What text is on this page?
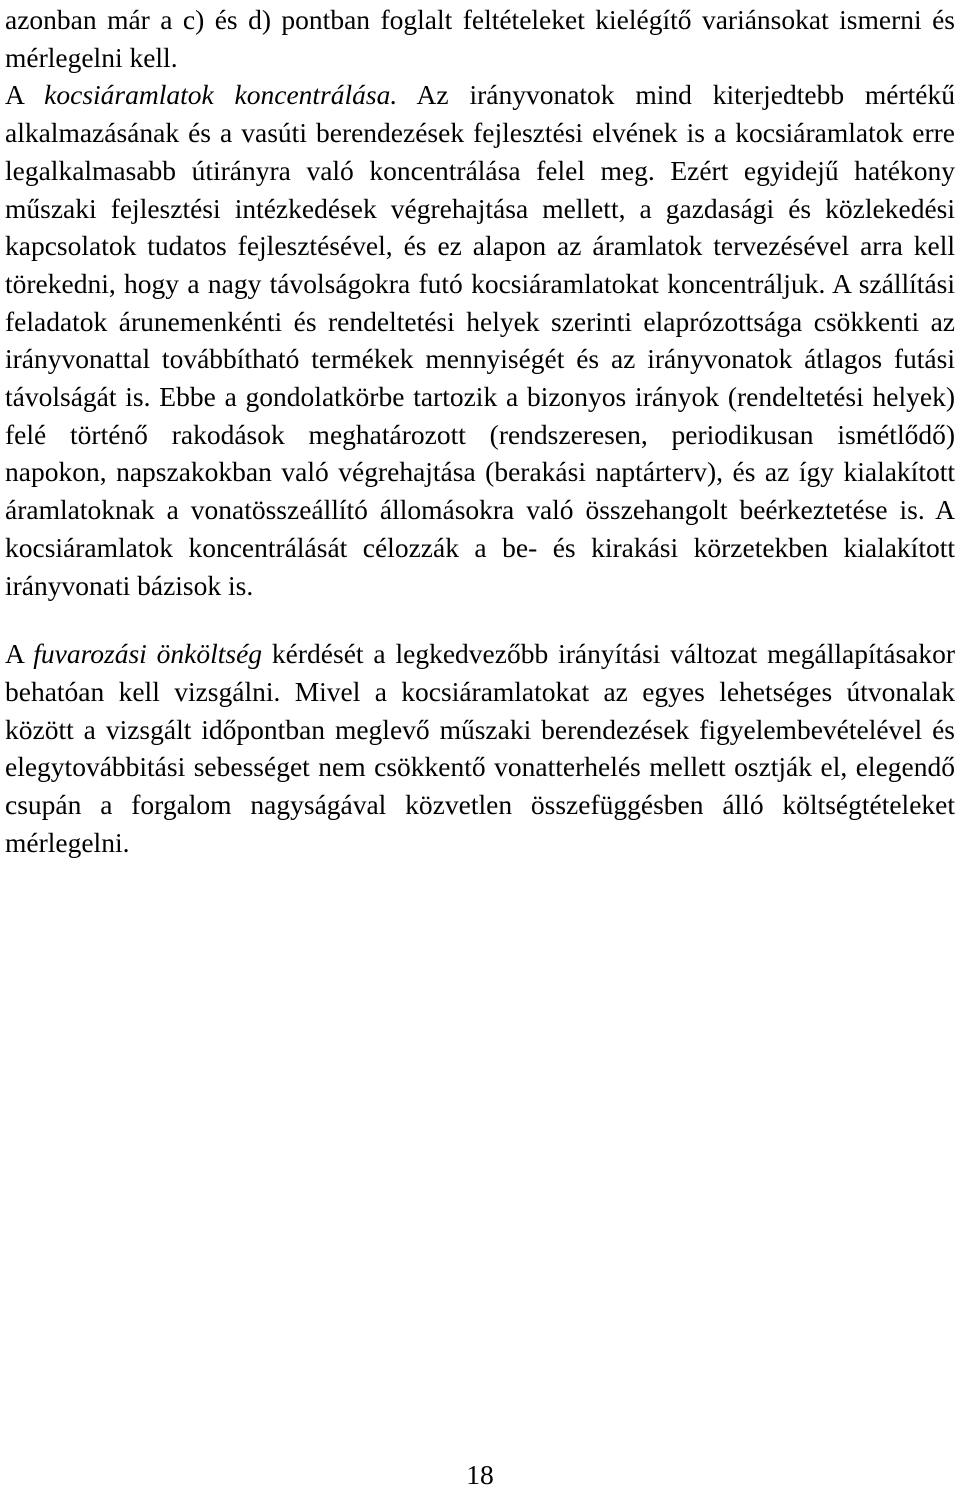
azonban már a c) és d) pontban foglalt feltételeket kielégítő variánsokat ismerni és mérlegelni kell.

A kocsiáramlatok koncentrálása. Az irányvonatok mind kiterjedtebb mértékű alkalmazásának és a vasúti berendezések fejlesztési elvének is a kocsiáramlatok erre legalkalmasabb útirányra való koncentrálása felel meg. Ezért egyidejű hatékony műszaki fejlesztési intézkedések végrehajtása mellett, a gazdasági és közlekedési kapcsolatok tudatos fejlesztésével, és ez alapon az áramlatok tervezésével arra kell törekedni, hogy a nagy távolságokra futó kocsiáramlatokat koncentráljuk. A szállítási feladatok árunemenkénti és rendeltetési helyek szerinti elaprózottsága csökkenti az irányvonattal továbbítható termékek mennyiségét és az irányvonatok átlagos futási távolságát is. Ebbe a gondolatkörbe tartozik a bizonyos irányok (rendeltetési helyek) felé történő rakodások meghatározott (rendszeresen, periodikusan ismétlődő) napokon, napszakokban való végrehajtása (berakási naptárterv), és az így kialakított áramlatoknak a vonatösszeállító állomásokra való összehangolt beérkeztetése is. A kocsiáramlatok koncentrálását célozzák a be- és kirakási körzetekben kialakított irányvonati bázisok is.

A fuvarozási önköltség kérdését a legkedvezőbb irányítási változat megállapításakor behatóan kell vizsgálni. Mivel a kocsiáramlatokat az egyes lehetséges útvonalak között a vizsgált időpontban meglevő műszaki berendezések figyelembevételével és elegytovábbitási sebességet nem csökkentő vonatterhelés mellett osztják el, elegendő csupán a forgalom nagyságával közvetlen összefüggésben álló költségtételeket mérlegelni.

18
